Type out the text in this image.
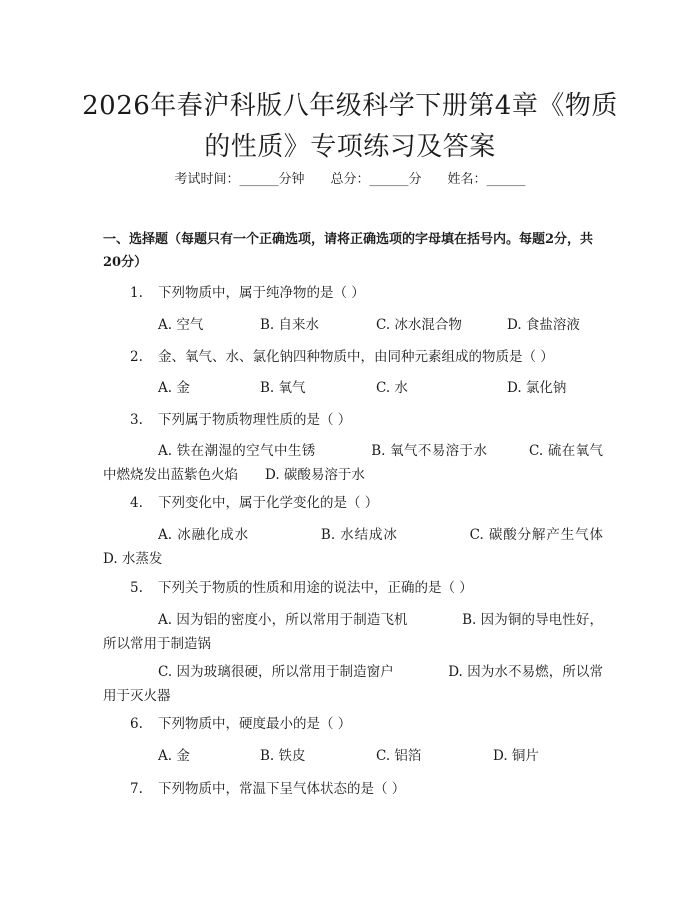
2026年春沪科版八年级科学下册第4章《物质的性质》专项练习及答案
考试时间：______分钟　　 总分：______分　　 姓名：______
一、选择题（每题只有一个正确选项，请将正确选项的字母填在括号内。每题2分，共20分）
1. 下列物质中，属于纯净物的是（ ）
A. 空气	B. 自来水	C. 冰水混合物	D. 食盐溶液
2. 金、氧气、水、氯化钠四种物质中，由同种元素组成的物质是（ ）
A. 金	B. 氧气	C. 水	D. 氯化钠
3. 下列属于物质物理性质的是（ ）
A. 铁在潮湿的空气中生锈　　　　B. 氧气不易溶于水　　　C. 硫在氧气中燃烧发出蓝紫色火焰　　D. 碳酸易溶于水
4. 下列变化中，属于化学变化的是（ ）
A. 冰融化成水　　　　　B. 水结成冰　　　　　C. 碳酸分解产生气体　　D. 水蒸发
5. 下列关于物质的性质和用途的说法中，正确的是（ ）
A. 因为铝的密度小，所以常用于制造飞机　　　　B. 因为铜的导电性好，所以常用于制造锅
C. 因为玻璃很硬，所以常用于制造窗户　　　　D. 因为水不易燃，所以常用于灭火器
6. 下列物质中，硬度最小的是（ ）
A. 金	B. 铁皮	C. 铝箔	D. 铜片
7. 下列物质中，常温下呈气体状态的是（ ）
